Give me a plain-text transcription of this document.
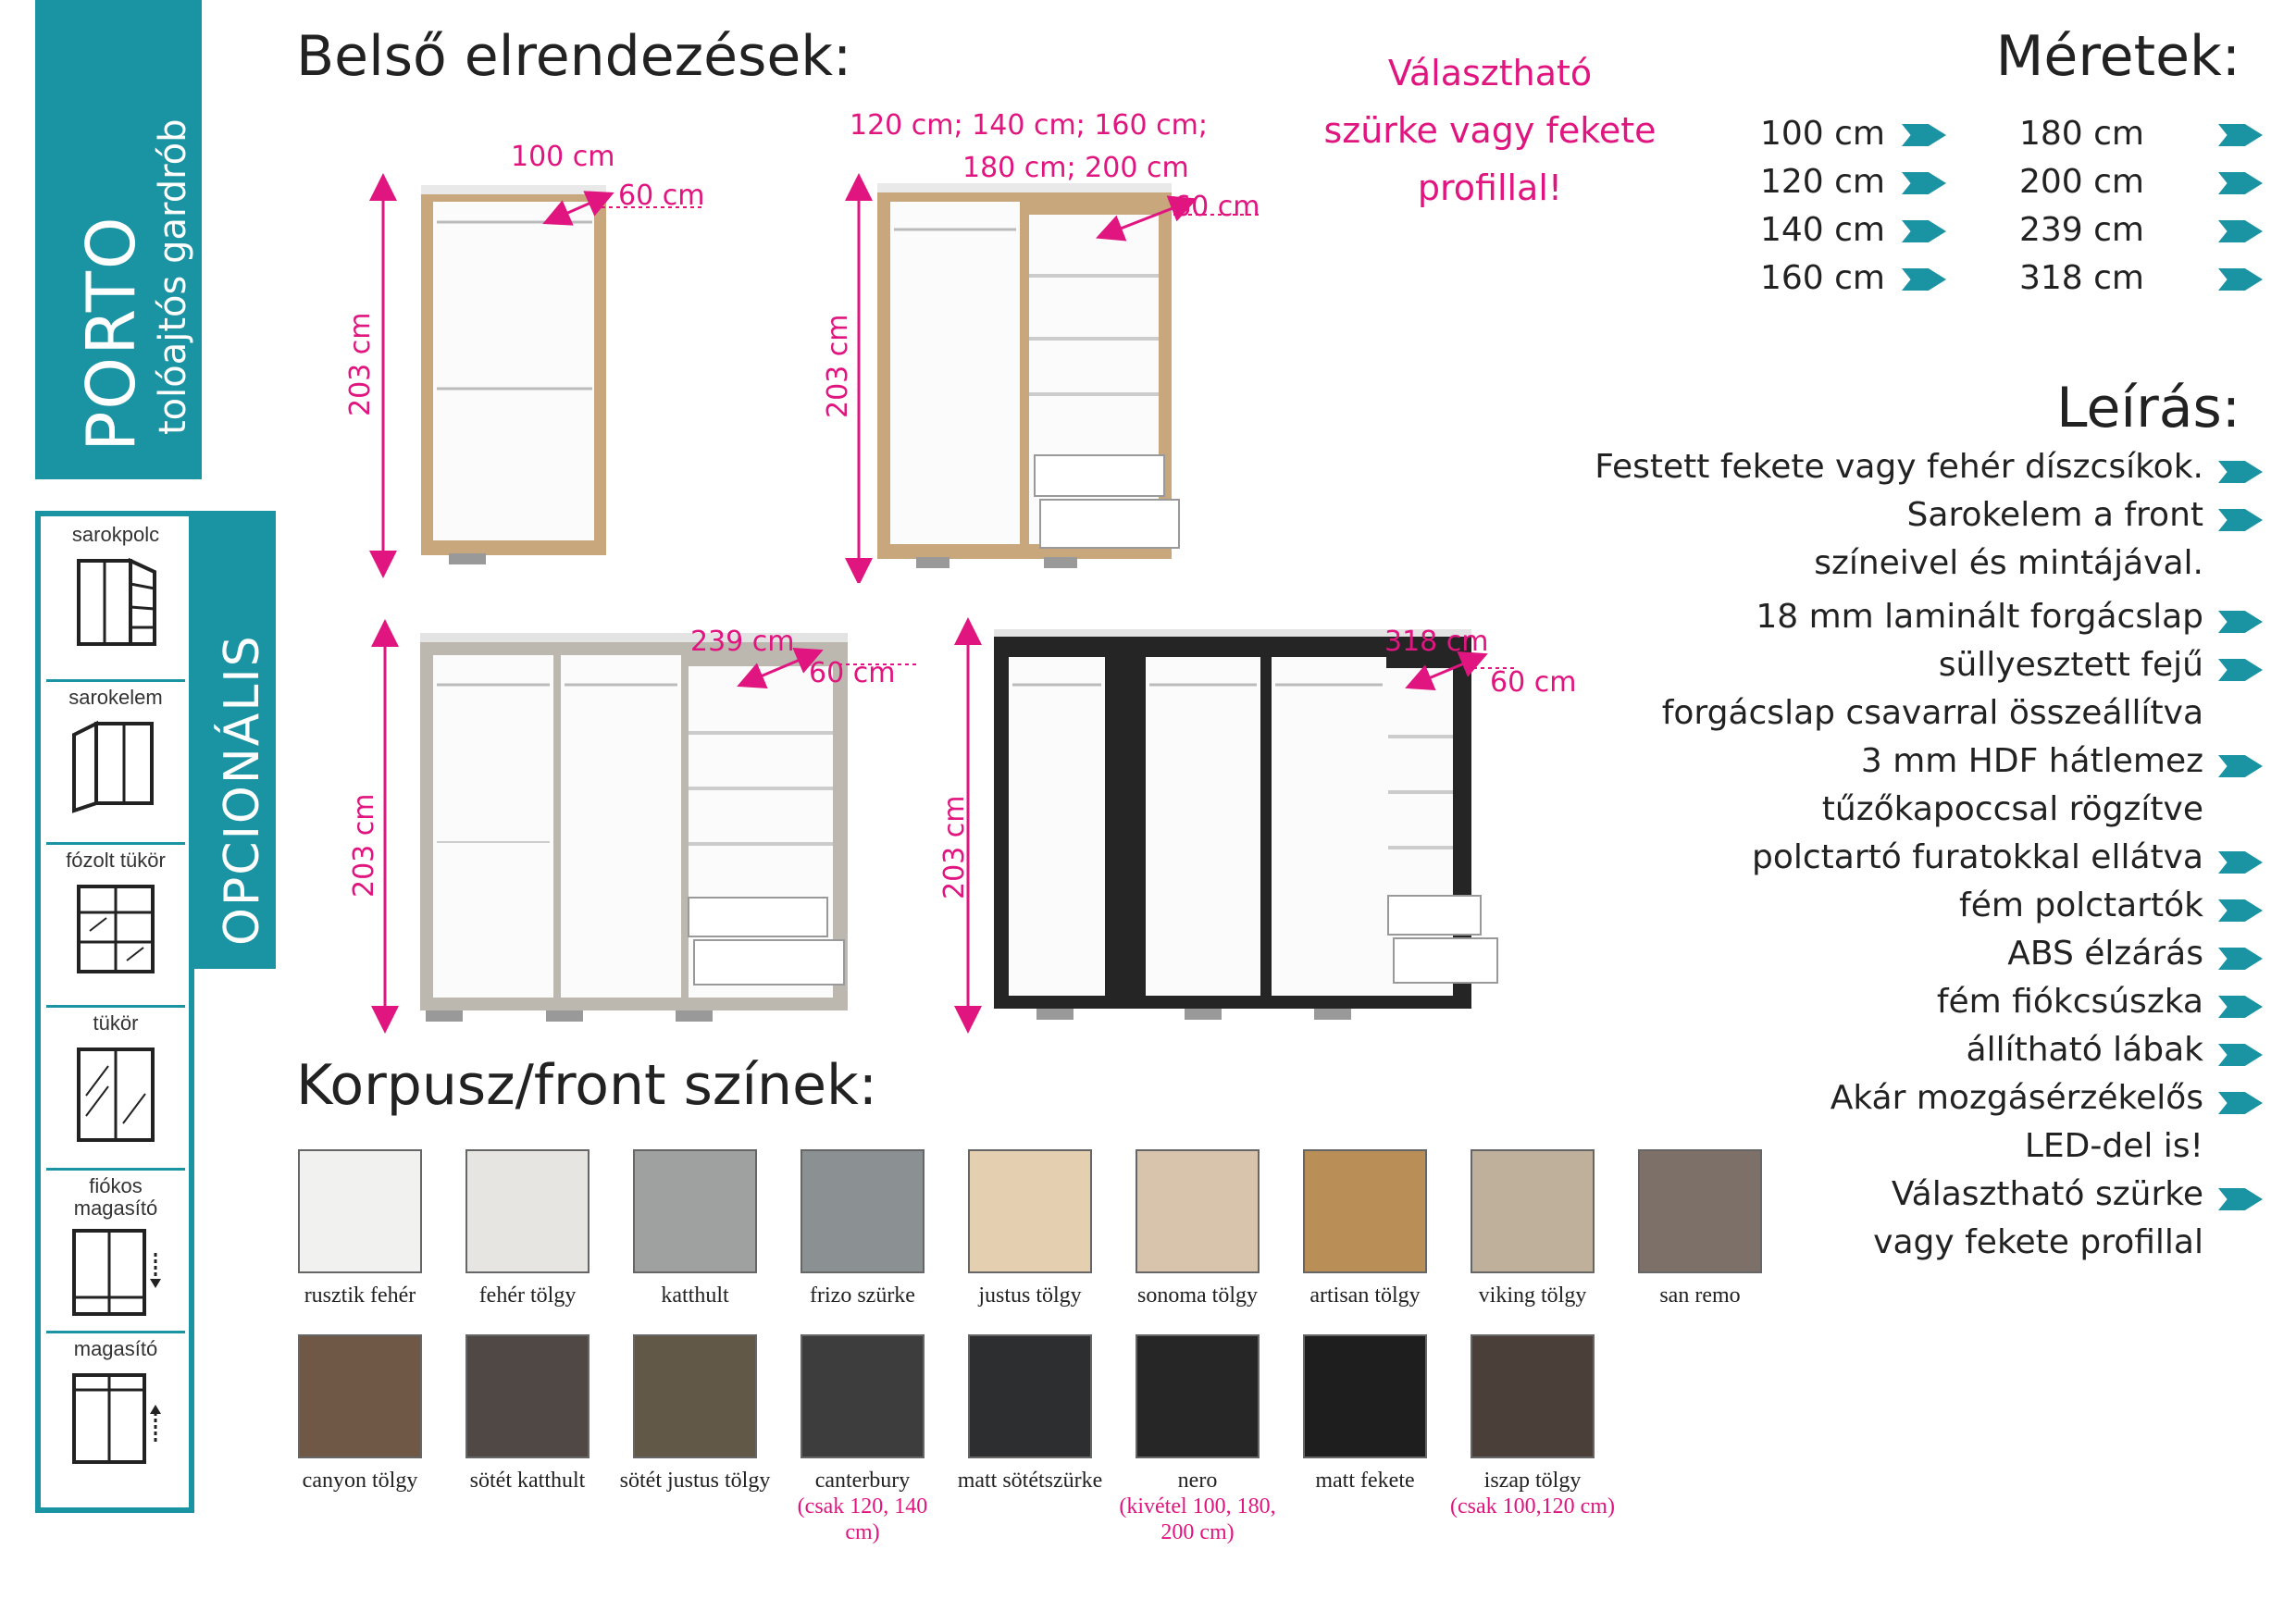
PORTO tolóajtós gardrób
OPCIONÁLIS
sarokpolc
sarokelem
fózolt tükör
tükör
fiókos magasító
magasító
Belső elrendezések:
Korpusz/front színek:
Méretek:
Leírás:
Választható
szürke vagy fekete
profillal!
100 cm
60 cm
203 cm
120 cm; 140 cm; 160 cm;
180 cm; 200 cm
60 cm
203 cm
239 cm
60 cm
203 cm
318 cm
60 cm
203 cm
100 cm
120 cm
140 cm
160 cm
180 cm
200 cm
239 cm
318 cm
Festett fekete vagy fehér díszcsíkok.
Sarokelem a front
színeivel és mintájával.
18 mm laminált forgácslap
süllyesztett fejű
forgácslap csavarral összeállítva
3 mm HDF hátlemez
tűzőkapoccsal rögzítve
polctartó furatokkal ellátva
fém polctartók
ABS élzárás
fém fiókcsúszka
állítható lábak
Akár mozgásérzékelős
LED-del is!
Választható szürke
vagy fekete profillal
rusztik fehér	fehér tölgy	katthult	frizo szürke	justus tölgy	sonoma tölgy	artisan tölgy	viking tölgy	san remo
canyon tölgy	sötét katthult	sötét justus tölgy	canterbury
(csak 120, 140 cm)
matt sötétszürke	nero
(kivétel 100, 180, 200 cm)
matt fekete	iszap tölgy
(csak 100,120 cm)
